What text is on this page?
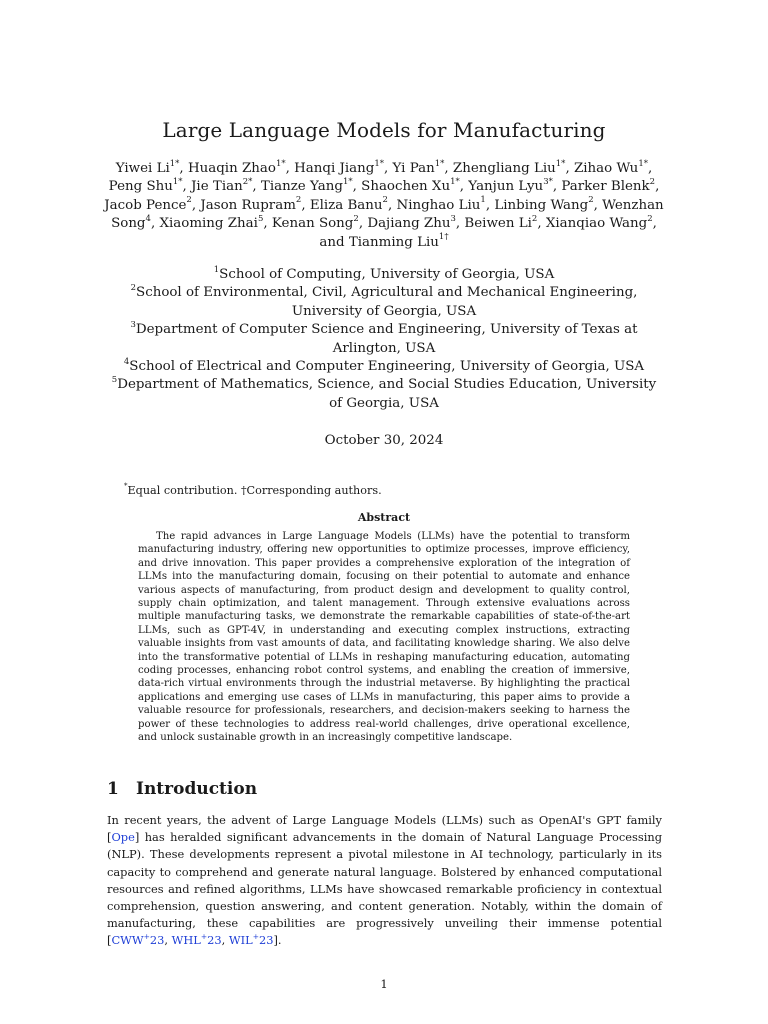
Large Language Models for Manufacturing
Yiwei $Li^{1*}$, Huaqin Zhao$^{1*}$, Hanqi Jiang$^{1*}$, Yi Pan$^{1*}$, Zhengliang Liu$^{1*}$, Zihao $Wu^{1*}$, Peng Shu$^{1*}$, Jie Tian$^{2*}$, Tianze Yang$^{1*}$, Shaochen $Xu^{1*}$, Yanjun Lyu$^{3*}$, Parker Blenk$^2$, Jacob Pence$^2$, Jason Rupram$^2$, Eliza Banu$^2$, Ninghao Liu$^1$, Linbing Wang$^2$, Wenzhan Song$^4$, Xiaoming Zhai$^5$, Kenan Song$^2$, Dajiang Zhu$^3$, Beiwen Li$^2$, Xianqiao Wang$^2$, and Tianming Liu$^{1\dagger}$
$^1$School of Computing, University of Georgia, USA
$^2$School of Environmental, Civil, Agricultural and Mechanical Engineering, University of Georgia, USA
$^3$Department of Computer Science and Engineering, University of Texas at Arlington, USA
$^4$School of Electrical and Computer Engineering, University of Georgia, USA
$^5$Department of Mathematics, Science, and Social Studies Education, University of Georgia, USA
October 30, 2024
*Equal contribution. †Corresponding authors.
Abstract

The rapid advances in Large Language Models (LLMs) have the potential to transform manufacturing industry, offering new opportunities to optimize processes, improve efficiency, and drive innovation. This paper provides a comprehensive exploration of the integration of LLMs into the manufacturing domain, focusing on their potential to automate and enhance various aspects of manufacturing, from product design and development to quality control, supply chain optimization, and talent management. Through extensive evaluations across multiple manufacturing tasks, we demonstrate the remarkable capabilities of state-of-the-art LLMs, such as GPT-4V, in understanding and executing complex instructions, extracting valuable insights from vast amounts of data, and facilitating knowledge sharing. We also delve into the transformative potential of LLMs in reshaping manufacturing education, automating coding processes, enhancing robot control systems, and enabling the creation of immersive, data-rich virtual environments through the industrial metaverse. By highlighting the practical applications and emerging use cases of LLMs in manufacturing, this paper aims to provide a valuable resource for professionals, researchers, and decision-makers seeking to harness the power of these technologies to address real-world challenges, drive operational excellence, and unlock sustainable growth in an increasingly competitive landscape.

1 Introduction

In recent years, the advent of Large Language Models (LLMs) such as OpenAI's GPT family [Ope] has heralded significant advancements in the domain of Natural Language Processing (NLP). These developments represent a pivotal milestone in AI technology, particularly in its capacity to comprehend and generate natural language. Bolstered by enhanced computational resources and refined algorithms, LLMs have showcased remarkable proficiency in contextual comprehension, question answering, and content generation. Notably, within the domain of manufacturing, these capabilities are progressively unveiling their immense potential [CWW+23, WHL+23, WIL+23].

1
